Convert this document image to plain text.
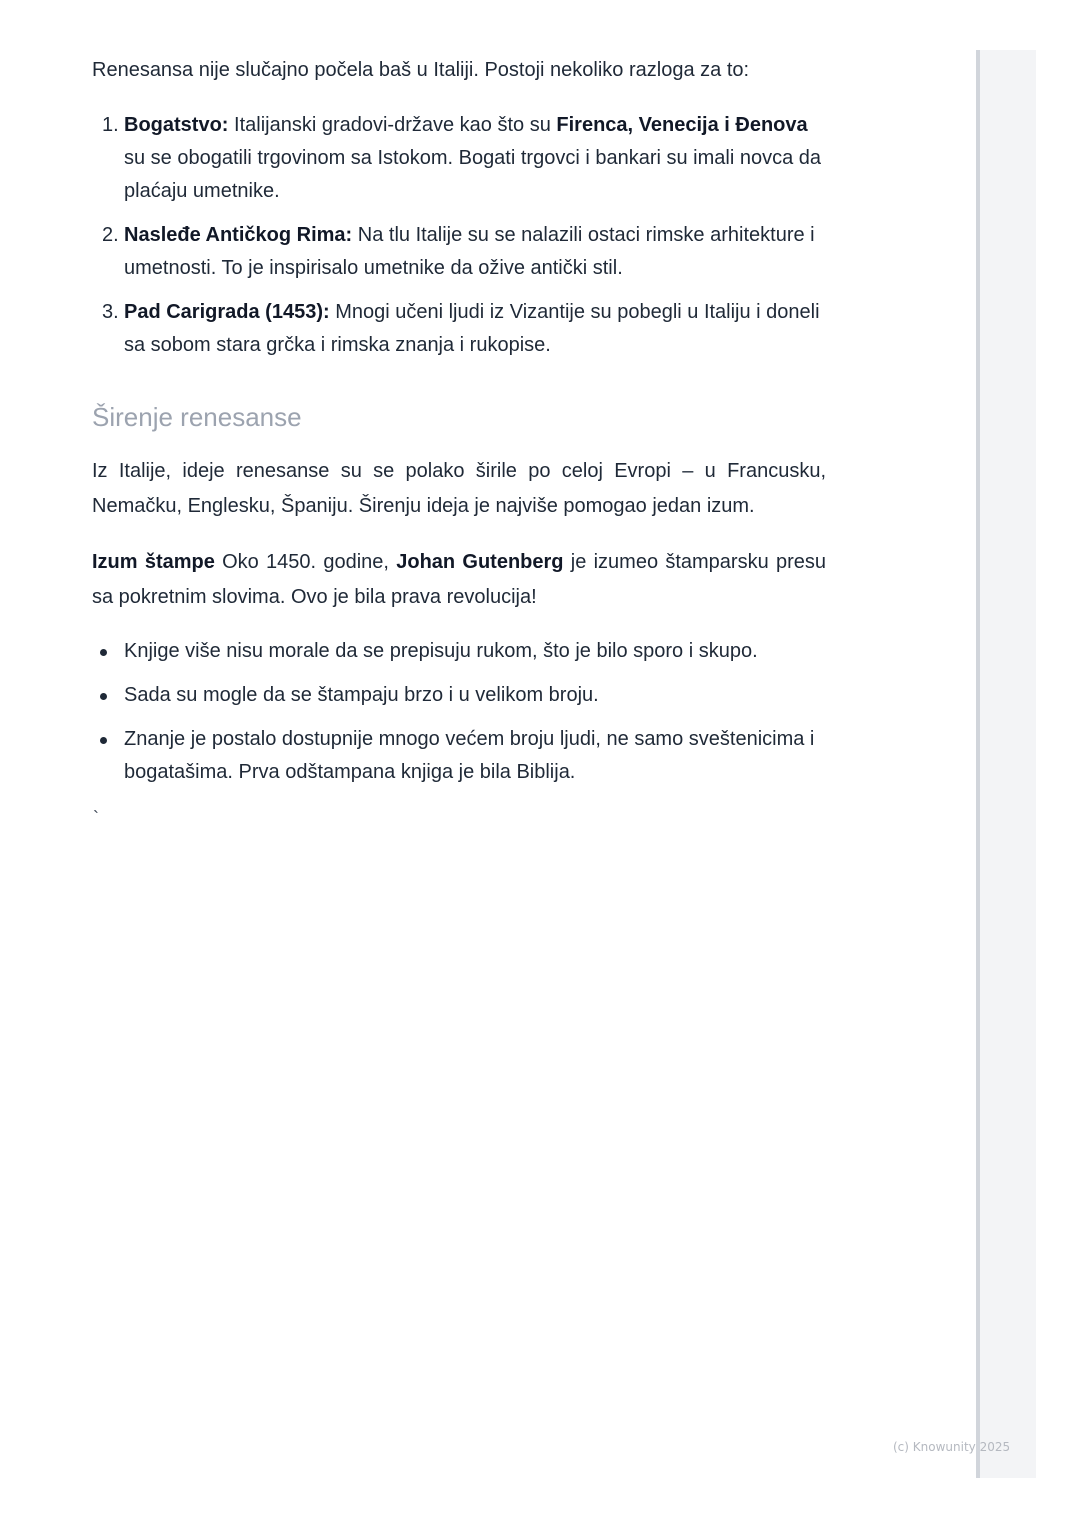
Renesansa nije slučajno počela baš u Italiji. Postoji nekoliko razloga za to:

1. Bogatstvo: Italijanski gradovi-države kao što su Firenca, Venecija i Đenova su se obogatili trgovinom sa Istokom. Bogati trgovci i bankari su imali novca da plaćaju umetnike.
2. Nasleđe Antičkog Rima: Na tlu Italije su se nalazili ostaci rimske arhitekture i umetnosti. To je inspirisalo umetnike da ožive antički stil.
3. Pad Carigrada (1453): Mnogi učeni ljudi iz Vizantije su pobegli u Italiju i doneli sa sobom stara grčka i rimska znanja i rukopise.
Širenje renesanse

Iz Italije, ideje renesanse su se polako širile po celoj Evropi – u Francusku, Nemačku, Englesku, Španiju. Širenju ideja je najviše pomogao jedan izum.

Izum štampe Oko 1450. godine, Johan Gutenberg je izumeo štamparsku presu sa pokretnim slovima. Ovo je bila prava revolucija!

Knjige više nisu morale da se prepisuju rukom, što je bilo sporo i skupo.
Sada su mogle da se štampaju brzo i u velikom broju.
Znanje je postalo dostupnije mnogo većem broju ljudi, ne samo sveštenicima i bogatašima. Prva odštampana knjiga je bila Biblija.
`
(c) Knowunity 2025
